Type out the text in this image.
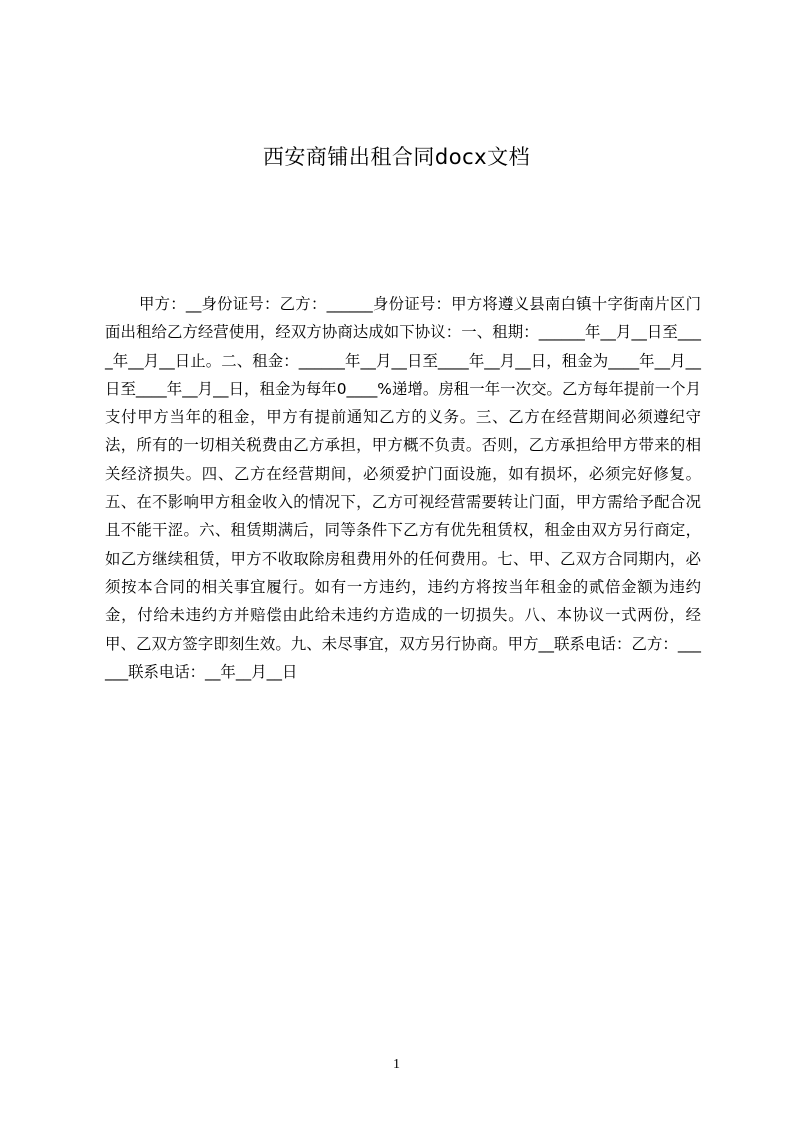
西安商铺出租合同docx文档

甲方：__身份证号：乙方：______身份证号：甲方将遵义县南白镇十字街南片区门面出租给乙方经营使用，经双方协商达成如下协议：一、租期：______年__月__日至____年__月__日止。二、租金：______年__月__日至____年__月__日，租金为____年__月__日至____年__月__日，租金为每年0____%递增。房租一年一次交。乙方每年提前一个月支付甲方当年的租金，甲方有提前通知乙方的义务。三、乙方在经营期间必须遵纪守法，所有的一切相关税费由乙方承担，甲方概不负责。否则，乙方承担给甲方带来的相关经济损失。四、乙方在经营期间，必须爱护门面设施，如有损坏，必须完好修复。五、在不影响甲方租金收入的情况下，乙方可视经营需要转让门面，甲方需给予配合况且不能干涩。六、租赁期满后，同等条件下乙方有优先租赁权，租金由双方另行商定，如乙方继续租赁，甲方不收取除房租费用外的任何费用。七、甲、乙双方合同期内，必须按本合同的相关事宜履行。如有一方违约，违约方将按当年租金的贰倍金额为违约金，付给未违约方并赔偿由此给未违约方造成的一切损失。八、本协议一式两份，经甲、乙双方签字即刻生效。九、未尽事宜，双方另行协商。甲方__联系电话：乙方：______联系电话：__年__月__日

1
